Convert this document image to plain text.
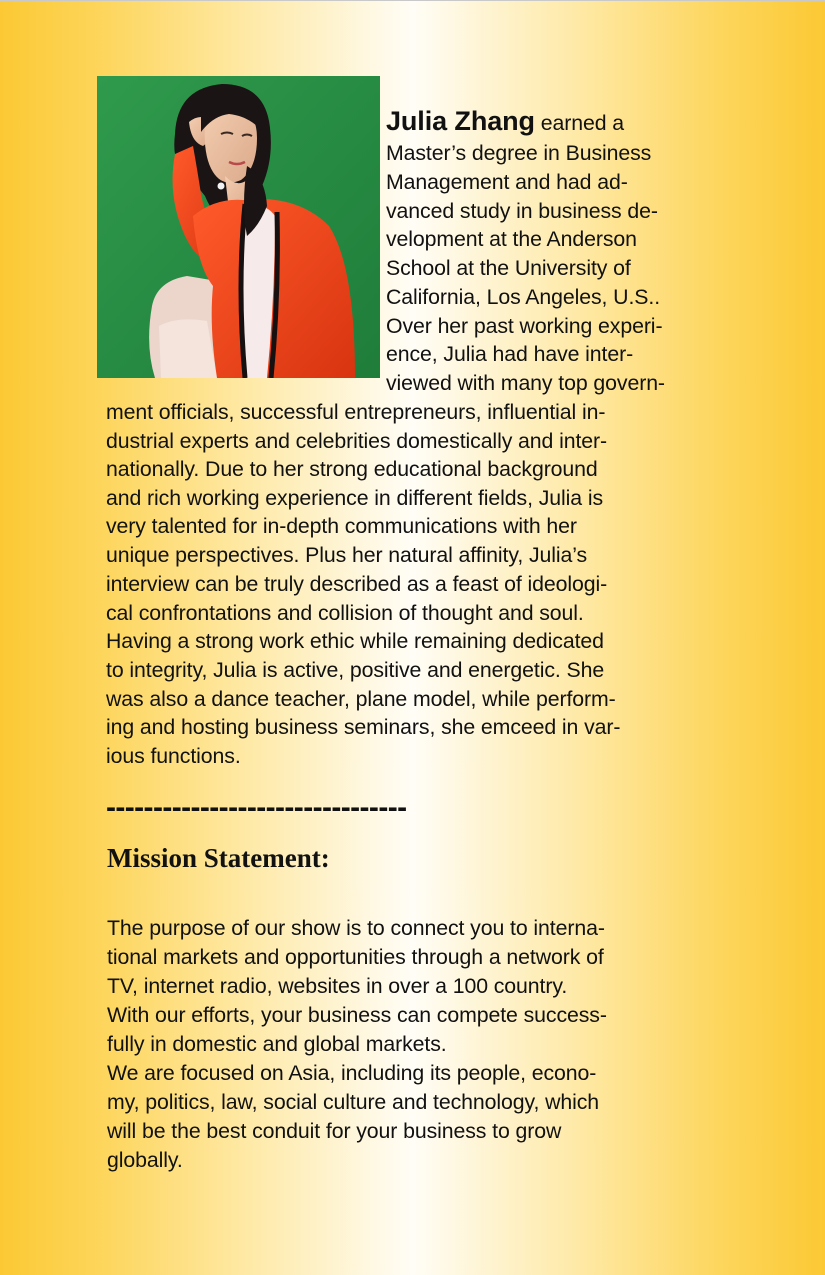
Julia Zhang earned a

Master’s degree in Business

Management and had ad-

vanced study in business de-

velopment at the Anderson

School at the University of

California, Los Angeles, U.S..

Over her past working experi-

ence, Julia had have inter-

viewed with many top govern-

ment officials, successful entrepreneurs, influential in-

dustrial experts and celebrities domestically and inter-

nationally. Due to her strong educational background

and rich working experience in different fields, Julia is

very talented for in-depth communications with her

unique perspectives. Plus her natural affinity, Julia’s

interview can be truly described as a feast of ideologi-

cal confrontations and collision of thought and soul.

Having a strong work ethic while remaining dedicated

to integrity, Julia is active, positive and energetic. She

was also a dance teacher, plane model, while perform-

ing and hosting business seminars, she emceed in var-

ious functions.

--------------------------------
Mission Statement:

The purpose of our show is to connect you to interna-

tional markets and opportunities through a network of

TV, internet radio, websites in over a 100 country.

With our efforts, your business can compete success-

fully in domestic and global markets.

We are focused on Asia, including its people, econo-

my, politics, law, social culture and technology, which

will be the best conduit for your business to grow

globally.
